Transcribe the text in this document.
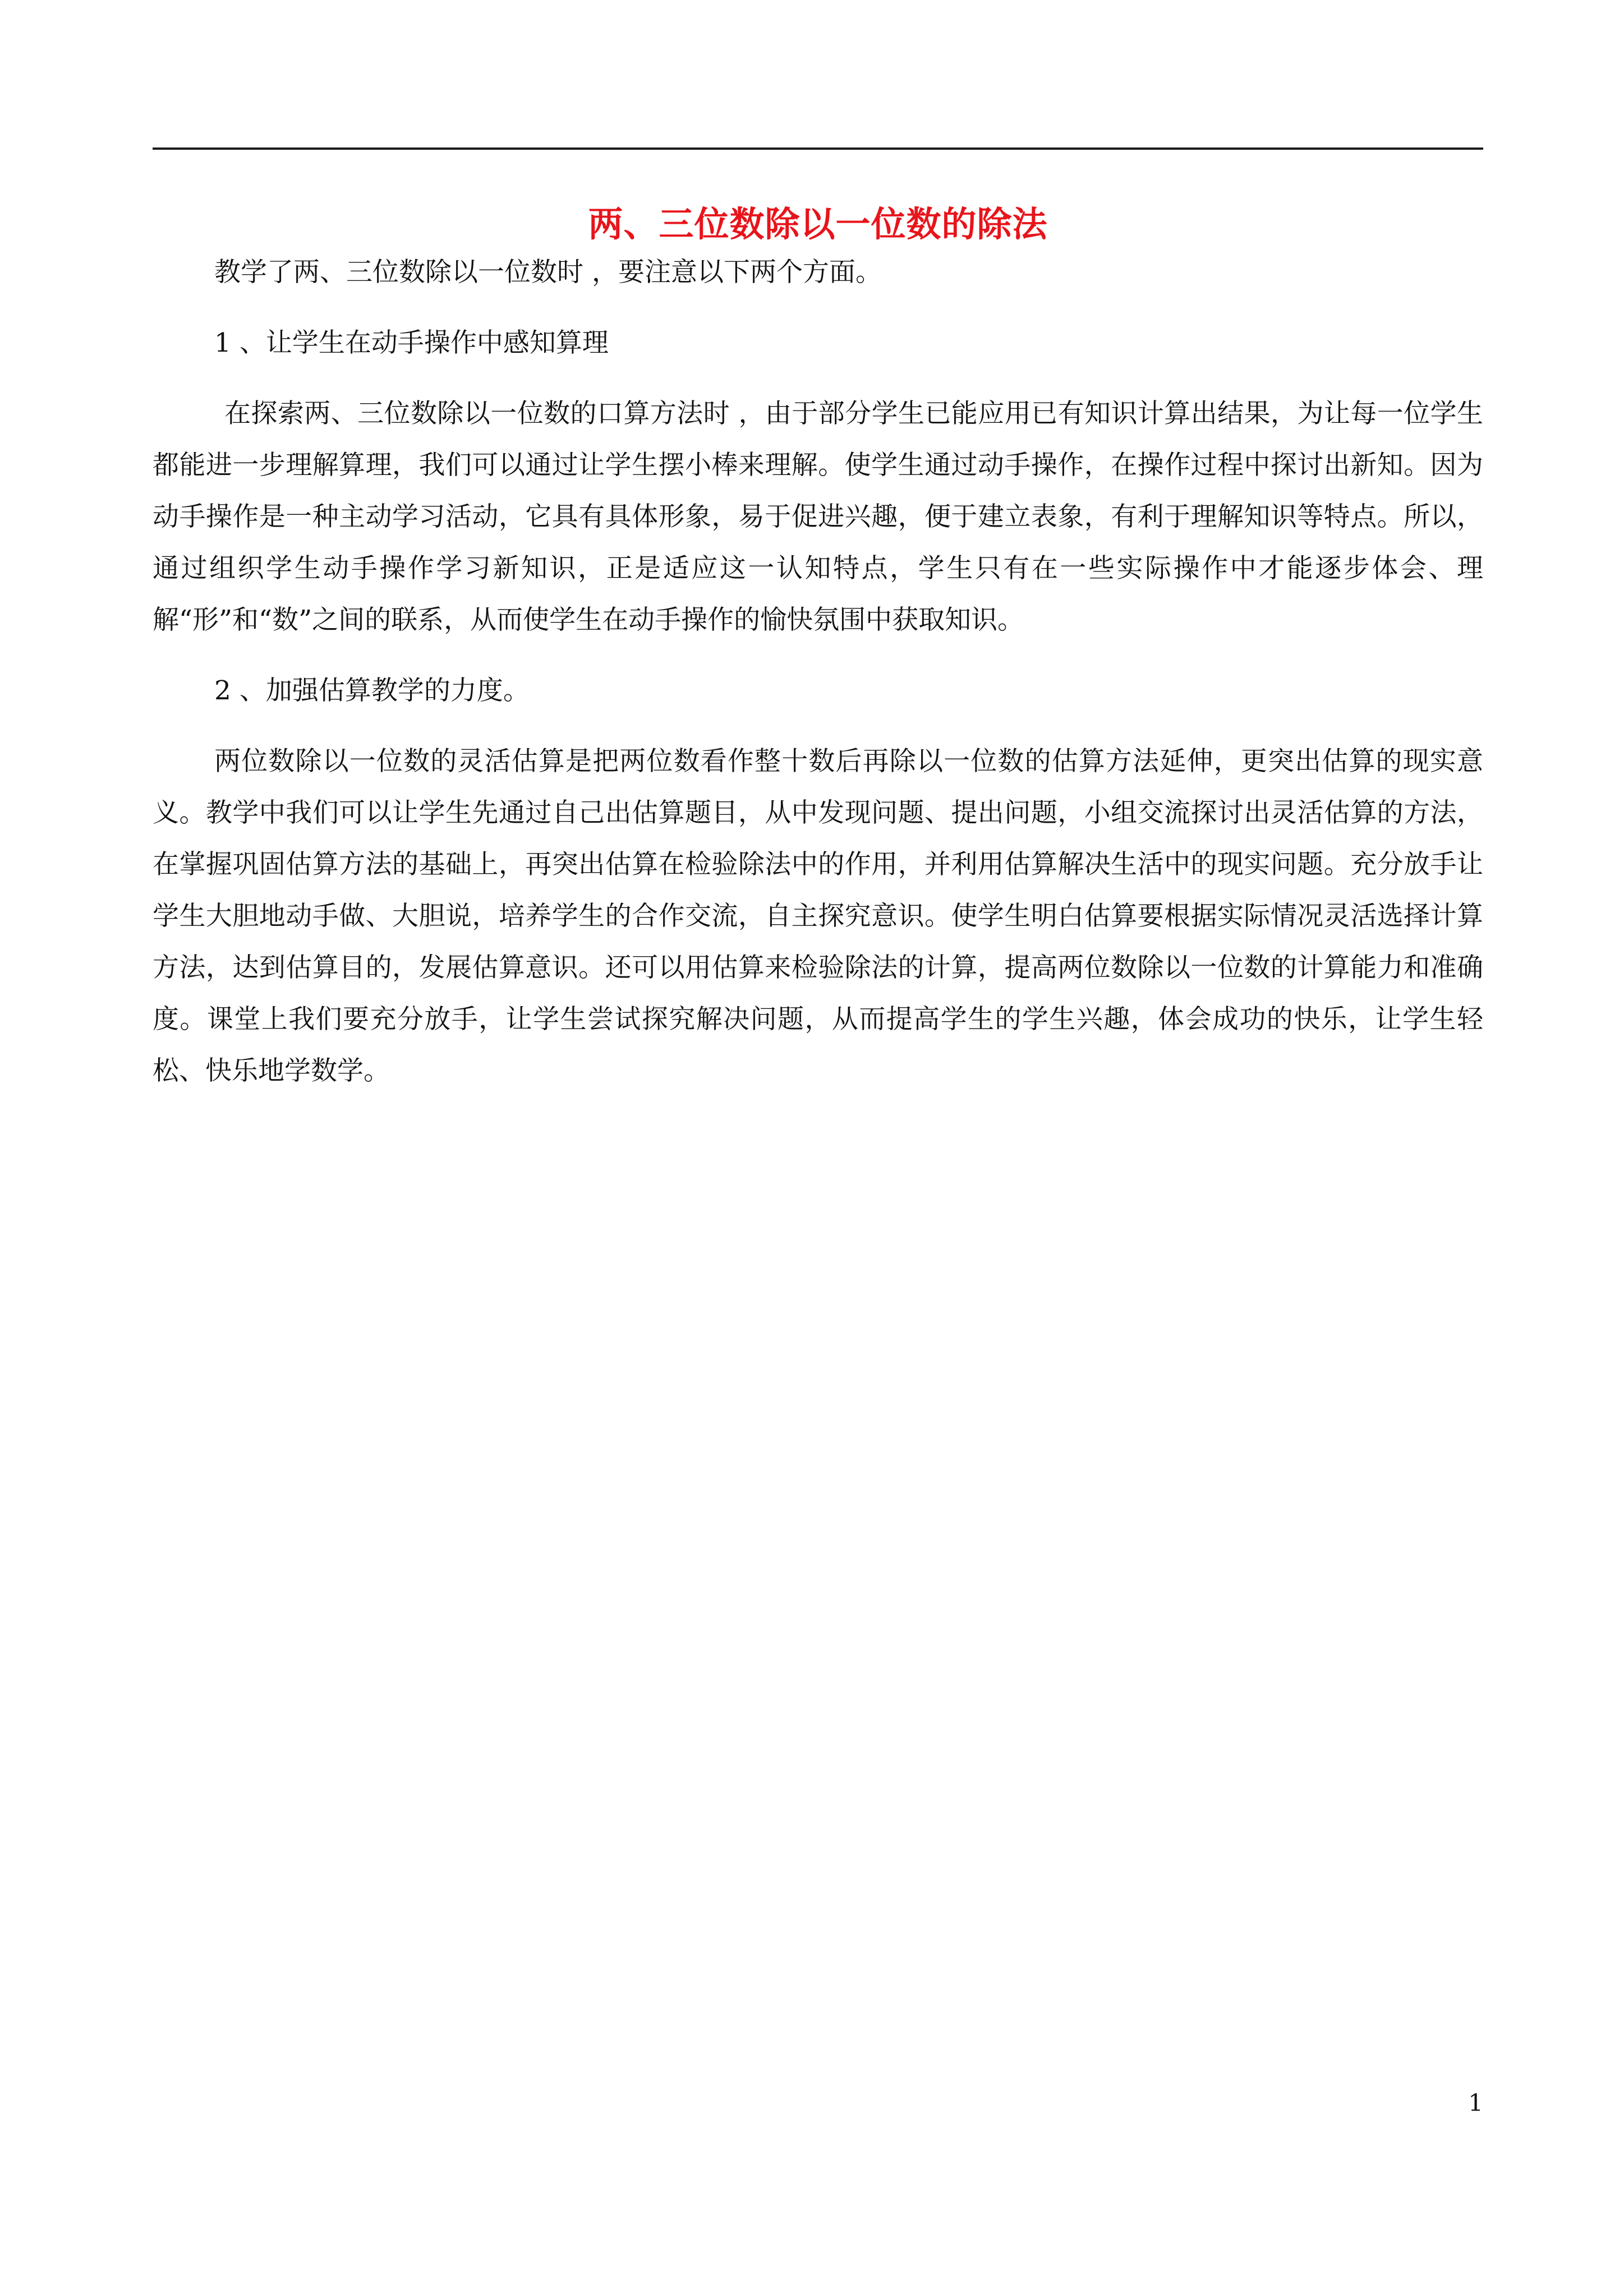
两、三位数除以一位数的除法

教学了两、三位数除以一位数时 ，要注意以下两个方面。

1 、让学生在动手操作中感知算理

在探索两、三位数除以一位数的口算方法时 ，由于部分学生已能应用已有知识计算出结果，为让每一位学生都能进一步理解算理，我们可以通过让学生摆小棒来理解。使学生通过动手操作，在操作过程中探讨出新知。因为动手操作是一种主动学习活动，它具有具体形象，易于促进兴趣，便于建立表象，有利于理解知识等特点。所以，通过组织学生动手操作学习新知识，正是适应这一认知特点，学生只有在一些实际操作中才能逐步体会、理解“形”和“数”之间的联系，从而使学生在动手操作的愉快氛围中获取知识。

2 、加强估算教学的力度。

两位数除以一位数的灵活估算是把两位数看作整十数后再除以一位数的估算方法延伸，更突出估算的现实意义。教学中我们可以让学生先通过自己出估算题目，从中发现问题、提出问题，小组交流探讨出灵活估算的方法，在掌握巩固估算方法的基础上，再突出估算在检验除法中的作用，并利用估算解决生活中的现实问题。充分放手让学生大胆地动手做、大胆说，培养学生的合作交流，自主探究意识。使学生明白估算要根据实际情况灵活选择计算方法，达到估算目的，发展估算意识。还可以用估算来检验除法的计算，提高两位数除以一位数的计算能力和准确度。课堂上我们要充分放手，让学生尝试探究解决问题，从而提高学生的学生兴趣，体会成功的快乐，让学生轻松、快乐地学数学。

1
